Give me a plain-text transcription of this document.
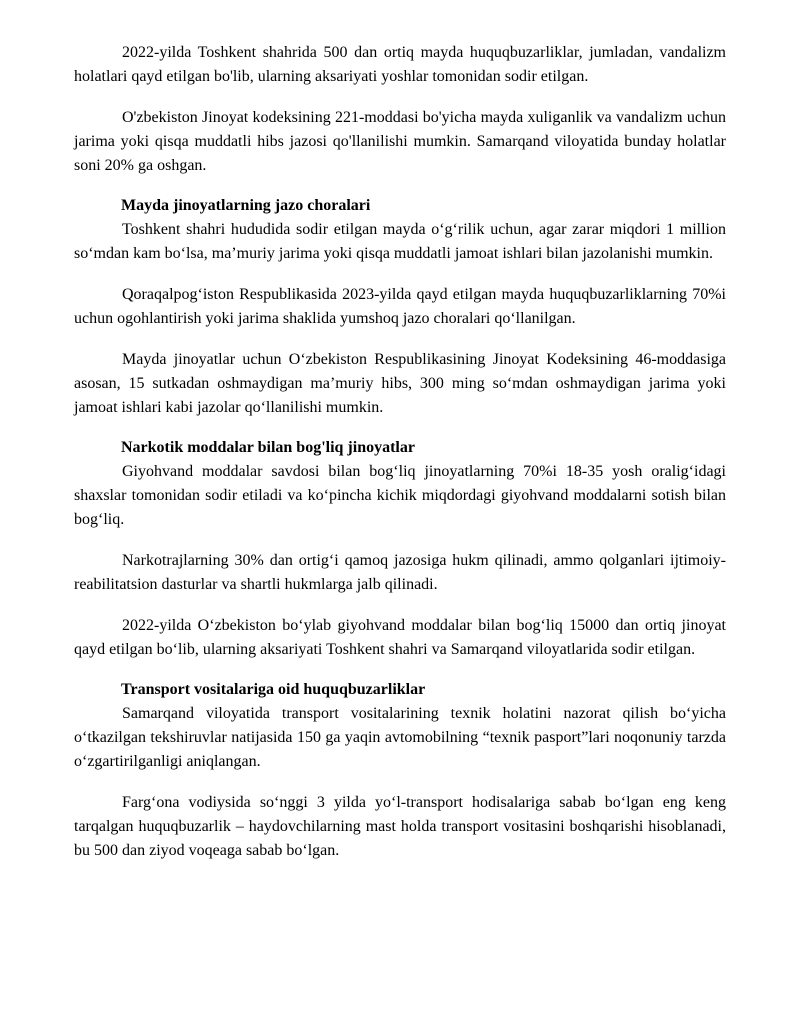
2022-yilda Toshkent shahrida 500 dan ortiq mayda huquqbuzarliklar, jumladan, vandalizm holatlari qayd etilgan bo'lib, ularning aksariyati yoshlar tomonidan sodir etilgan.

O'zbekiston Jinoyat kodeksining 221-moddasi bo'yicha mayda xuliganlik va vandalizm uchun jarima yoki qisqa muddatli hibs jazosi qo'llanilishi mumkin. Samarqand viloyatida bunday holatlar soni 20% ga oshgan.

Mayda jinoyatlarning jazo choralari

Toshkent shahri hududida sodir etilgan mayda o‘g‘rilik uchun, agar zarar miqdori 1 million so‘mdan kam bo‘lsa, ma’muriy jarima yoki qisqa muddatli jamoat ishlari bilan jazolanishi mumkin.

Qoraqalpog‘iston Respublikasida 2023-yilda qayd etilgan mayda huquqbuzarliklarning 70%i uchun ogohlantirish yoki jarima shaklida yumshoq jazo choralari qo‘llanilgan.

Mayda jinoyatlar uchun O‘zbekiston Respublikasining Jinoyat Kodeksining 46-moddasiga asosan, 15 sutkadan oshmaydigan ma’muriy hibs, 300 ming so‘mdan oshmaydigan jarima yoki jamoat ishlari kabi jazolar qo‘llanilishi mumkin.

Narkotik moddalar bilan bog'liq jinoyatlar

Giyohvand moddalar savdosi bilan bog‘liq jinoyatlarning 70%i 18-35 yosh oralig‘idagi shaxslar tomonidan sodir etiladi va ko‘pincha kichik miqdordagi giyohvand moddalarni sotish bilan bog‘liq.

Narkotrajlarning 30% dan ortig‘i qamoq jazosiga hukm qilinadi, ammo qolganlari ijtimoiy-reabilitatsion dasturlar va shartli hukmlarga jalb qilinadi.

2022-yilda O‘zbekiston bo‘ylab giyohvand moddalar bilan bog‘liq 15000 dan ortiq jinoyat qayd etilgan bo‘lib, ularning aksariyati Toshkent shahri va Samarqand viloyatlarida sodir etilgan.

Transport vositalariga oid huquqbuzarliklar

Samarqand viloyatida transport vositalarining texnik holatini nazorat qilish bo‘yicha o‘tkazilgan tekshiruvlar natijasida 150 ga yaqin avtomobilning “texnik pasport”lari noqonuniy tarzda o‘zgartirilganligi aniqlangan.

Farg‘ona vodiysida so‘nggi 3 yilda yo‘l-transport hodisalariga sabab bo‘lgan eng keng tarqalgan huquqbuzarlik – haydovchilarning mast holda transport vositasini boshqarishi hisoblanadi, bu 500 dan ziyod voqeaga sabab bo‘lgan.
